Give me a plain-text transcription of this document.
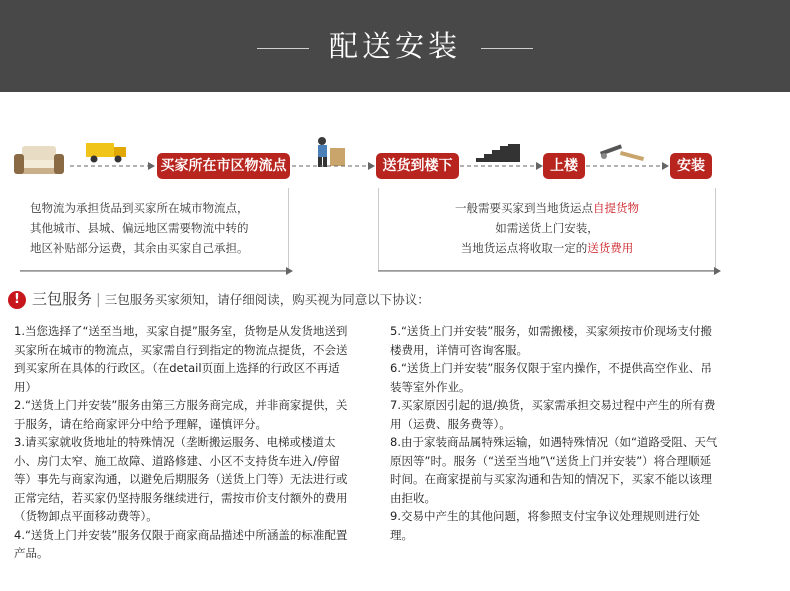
配送安装
买家所在市区物流点	送货到楼下	上楼	安装
包物流为承担货品到买家所在城市物流点，
其他城市、县城、偏远地区需要物流中转的
地区补贴部分运费，其余由买家自己承担。
一般需要买家到当地货运点自提货物
如需送货上门安装，
当地货运点将收取一定的送货费用
! 三包服务 | 三包服务买家须知，请仔细阅读，购买视为同意以下协议：

1.当您选择了“送至当地，买家自提”服务室，货物是从发货地送到买家所在城市的物流点，买家需自行到指定的物流点提货，不会送到买家所在具体的行政区。（在detail页面上选择的行政区不再适用）

2.“送货上门并安装”服务由第三方服务商完成，并非商家提供，关于服务，请在给商家评分中给予理解，谨慎评分。

3.请买家就收货地址的特殊情况（垄断搬运服务、电梯或楼道太小、房门太窄、施工故障、道路修建、小区不支持货车进入/停留等）事先与商家沟通，以避免后期服务（送货上门等）无法进行或正常完结，若买家仍坚持服务继续进行，需按市价支付额外的费用（货物卸点平面移动费等）。

4.“送货上门并安装”服务仅限于商家商品描述中所涵盖的标准配置产品。

5.“送货上门并安装”服务，如需搬楼，买家须按市价现场支付搬楼费用，详情可咨询客服。

6.“送货上门并安装”服务仅限于室内操作，不提供高空作业、吊装等室外作业。

7.买家原因引起的退/换货，买家需承担交易过程中产生的所有费用（运费、服务费等）。

8.由于家装商品属特殊运输，如遇特殊情况（如“道路受阻、天气原因等”时。服务（“送至当地”\“送货上门并安装”）将合理顺延时间。在商家提前与买家沟通和告知的情况下，买家不能以该理由拒收。

9.交易中产生的其他问题，将参照支付宝争议处理规则进行处理。
